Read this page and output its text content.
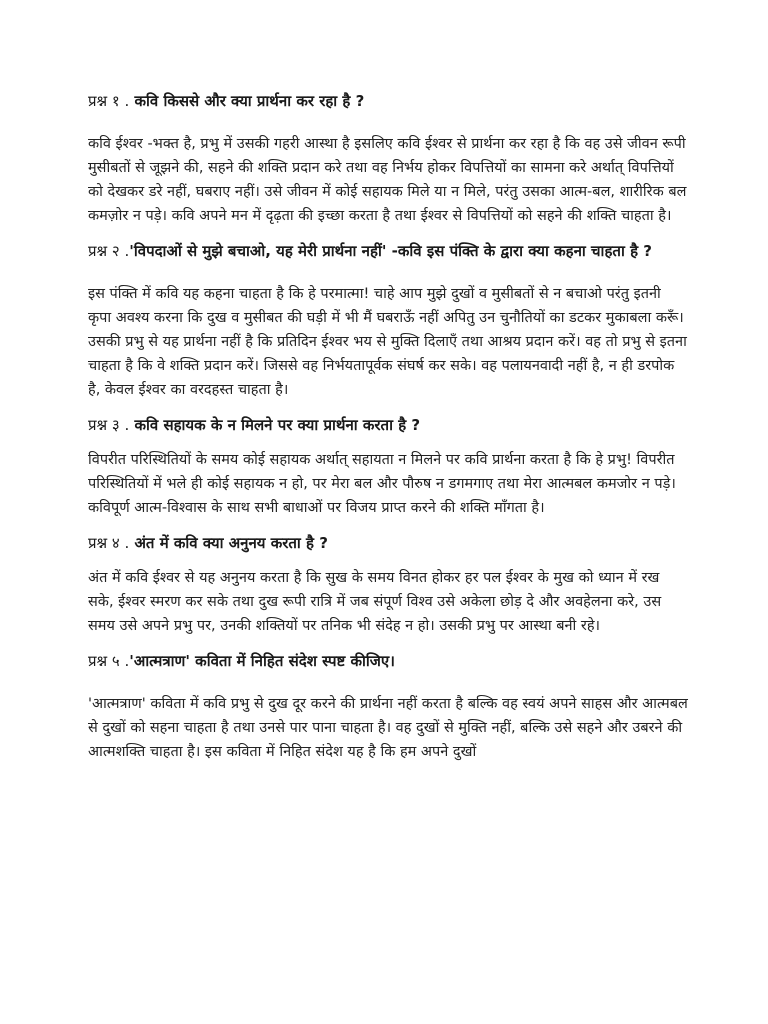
प्रश्न १ . कवि किससे और क्या प्रार्थना कर रहा है ?

कवि ईश्वर -भक्त है, प्रभु में उसकी गहरी आस्था है इसलिए कवि ईश्वर से प्रार्थना कर रहा है कि वह उसे जीवन रूपी मुसीबतों से जूझने की, सहने की शक्ति प्रदान करे तथा वह निर्भय होकर विपत्तियों का सामना करे अर्थात् विपत्तियों को देखकर डरे नहीं, घबराए नहीं। उसे जीवन में कोई सहायक मिले या न मिले, परंतु उसका आत्म-बल, शारीरिक बल कमज़ोर न पड़े। कवि अपने मन में दृढ़ता की इच्छा करता है तथा ईश्वर से विपत्तियों को सहने की शक्ति चाहता है।

प्रश्न २ .'विपदाओं से मुझे बचाओ, यह मेरी प्रार्थना नहीं' -कवि इस पंक्ति के द्वारा क्या कहना चाहता है ?

इस पंक्ति में कवि यह कहना चाहता है कि हे परमात्मा! चाहे आप मुझे दुखों व मुसीबतों से न बचाओ परंतु इतनी कृपा अवश्य करना कि दुख व मुसीबत की घड़ी में भी मैं घबराऊँ नहीं अपितु उन चुनौतियों का डटकर मुकाबला करूँ। उसकी प्रभु से यह प्रार्थना नहीं है कि प्रतिदिन ईश्वर भय से मुक्ति दिलाएँ तथा आश्रय प्रदान करें। वह तो प्रभु से इतना चाहता है कि वे शक्ति प्रदान करें। जिससे वह निर्भयतापूर्वक संघर्ष कर सके। वह पलायनवादी नहीं है, न ही डरपोक है, केवल ईश्वर का वरदहस्त चाहता है।

प्रश्न ३ . कवि सहायक के न मिलने पर क्या प्रार्थना करता है ?

विपरीत परिस्थितियों के समय कोई सहायक अर्थात् सहायता न मिलने पर कवि प्रार्थना करता है कि हे प्रभु! विपरीत परिस्थितियों में भले ही कोई सहायक न हो, पर मेरा बल और पौरुष न डगमगाए तथा मेरा आत्मबल कमजोर न पड़े। कविपूर्ण आत्म-विश्वास के साथ सभी बाधाओं पर विजय प्राप्त करने की शक्ति माँगता है।

प्रश्न ४ . अंत में कवि क्या अनुनय करता है ?

अंत में कवि ईश्वर से यह अनुनय करता है कि सुख के समय विनत होकर हर पल ईश्वर के मुख को ध्यान में रख सके, ईश्वर स्मरण कर सके तथा दुख रूपी रात्रि में जब संपूर्ण विश्व उसे अकेला छोड़ दे और अवहेलना करे, उस समय उसे अपने प्रभु पर, उनकी शक्तियों पर तनिक भी संदेह न हो। उसकी प्रभु पर आस्था बनी रहे।

प्रश्न ५ .'आत्मत्राण' कविता में निहित संदेश स्पष्ट कीजिए।

'आत्मत्राण' कविता में कवि प्रभु से दुख दूर करने की प्रार्थना नहीं करता है बल्कि वह स्वयं अपने साहस और आत्मबल से दुखों को सहना चाहता है तथा उनसे पार पाना चाहता है। वह दुखों से मुक्ति नहीं, बल्कि उसे सहने और उबरने की आत्मशक्ति चाहता है। इस कविता में निहित संदेश यह है कि हम अपने दुखों
